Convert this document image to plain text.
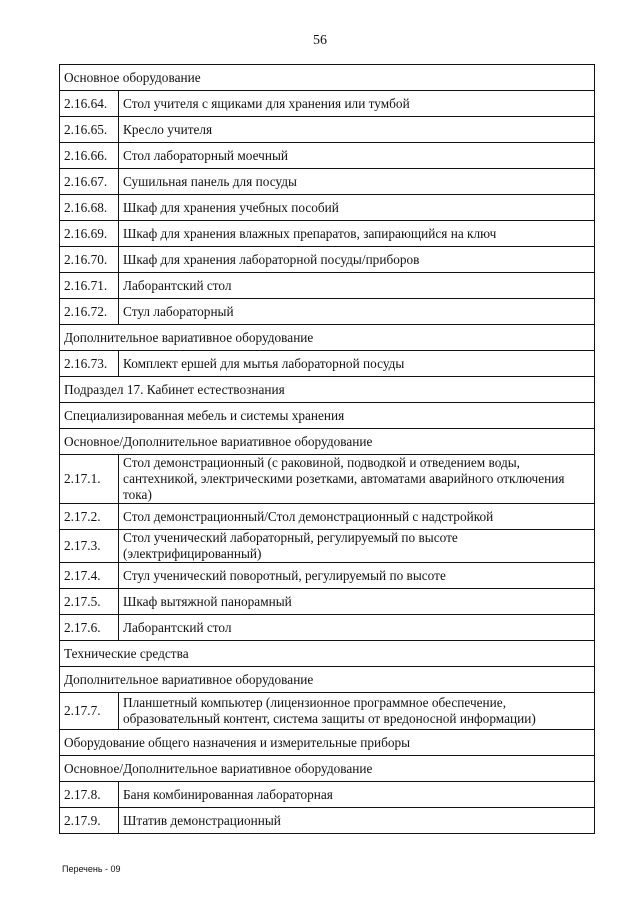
56
Основное оборудование	
2.16.64.	Стол учителя с ящиками для хранения или тумбой
2.16.65.	Кресло учителя
2.16.66.	Стол лабораторный моечный
2.16.67.	Сушильная панель для посуды
2.16.68.	Шкаф для хранения учебных пособий
2.16.69.	Шкаф для хранения влажных препаратов, запирающийся на ключ
2.16.70.	Шкаф для хранения лабораторной посуды/приборов
2.16.71.	Лаборантский стол
2.16.72.	Стул лабораторный
Дополнительное вариативное оборудование	
2.16.73.	Комплект ершей для мытья лабораторной посуды
Подраздел 17. Кабинет естествознания	
Специализированная мебель и системы хранения	
Основное/Дополнительное вариативное оборудование	
2.17.1.	Стол демонстрационный (с раковиной, подводкой и отведением воды, сантехникой, электрическими розетками, автоматами аварийного отключения тока)
2.17.2.	Стол демонстрационный/Стол демонстрационный с надстройкой
2.17.3.	Стол ученический лабораторный, регулируемый по высоте (электрифицированный)
2.17.4.	Стул ученический поворотный, регулируемый по высоте
2.17.5.	Шкаф вытяжной панорамный
2.17.6.	Лаборантский стол
Технические средства	
Дополнительное вариативное оборудование	
2.17.7.	Планшетный компьютер (лицензионное программное обеспечение, образовательный контент, система защиты от вредоносной информации)
Оборудование общего назначения и измерительные приборы	
Основное/Дополнительное вариативное оборудование	
2.17.8.	Баня комбинированная лабораторная
2.17.9.	Штатив демонстрационный
Перечень - 09
